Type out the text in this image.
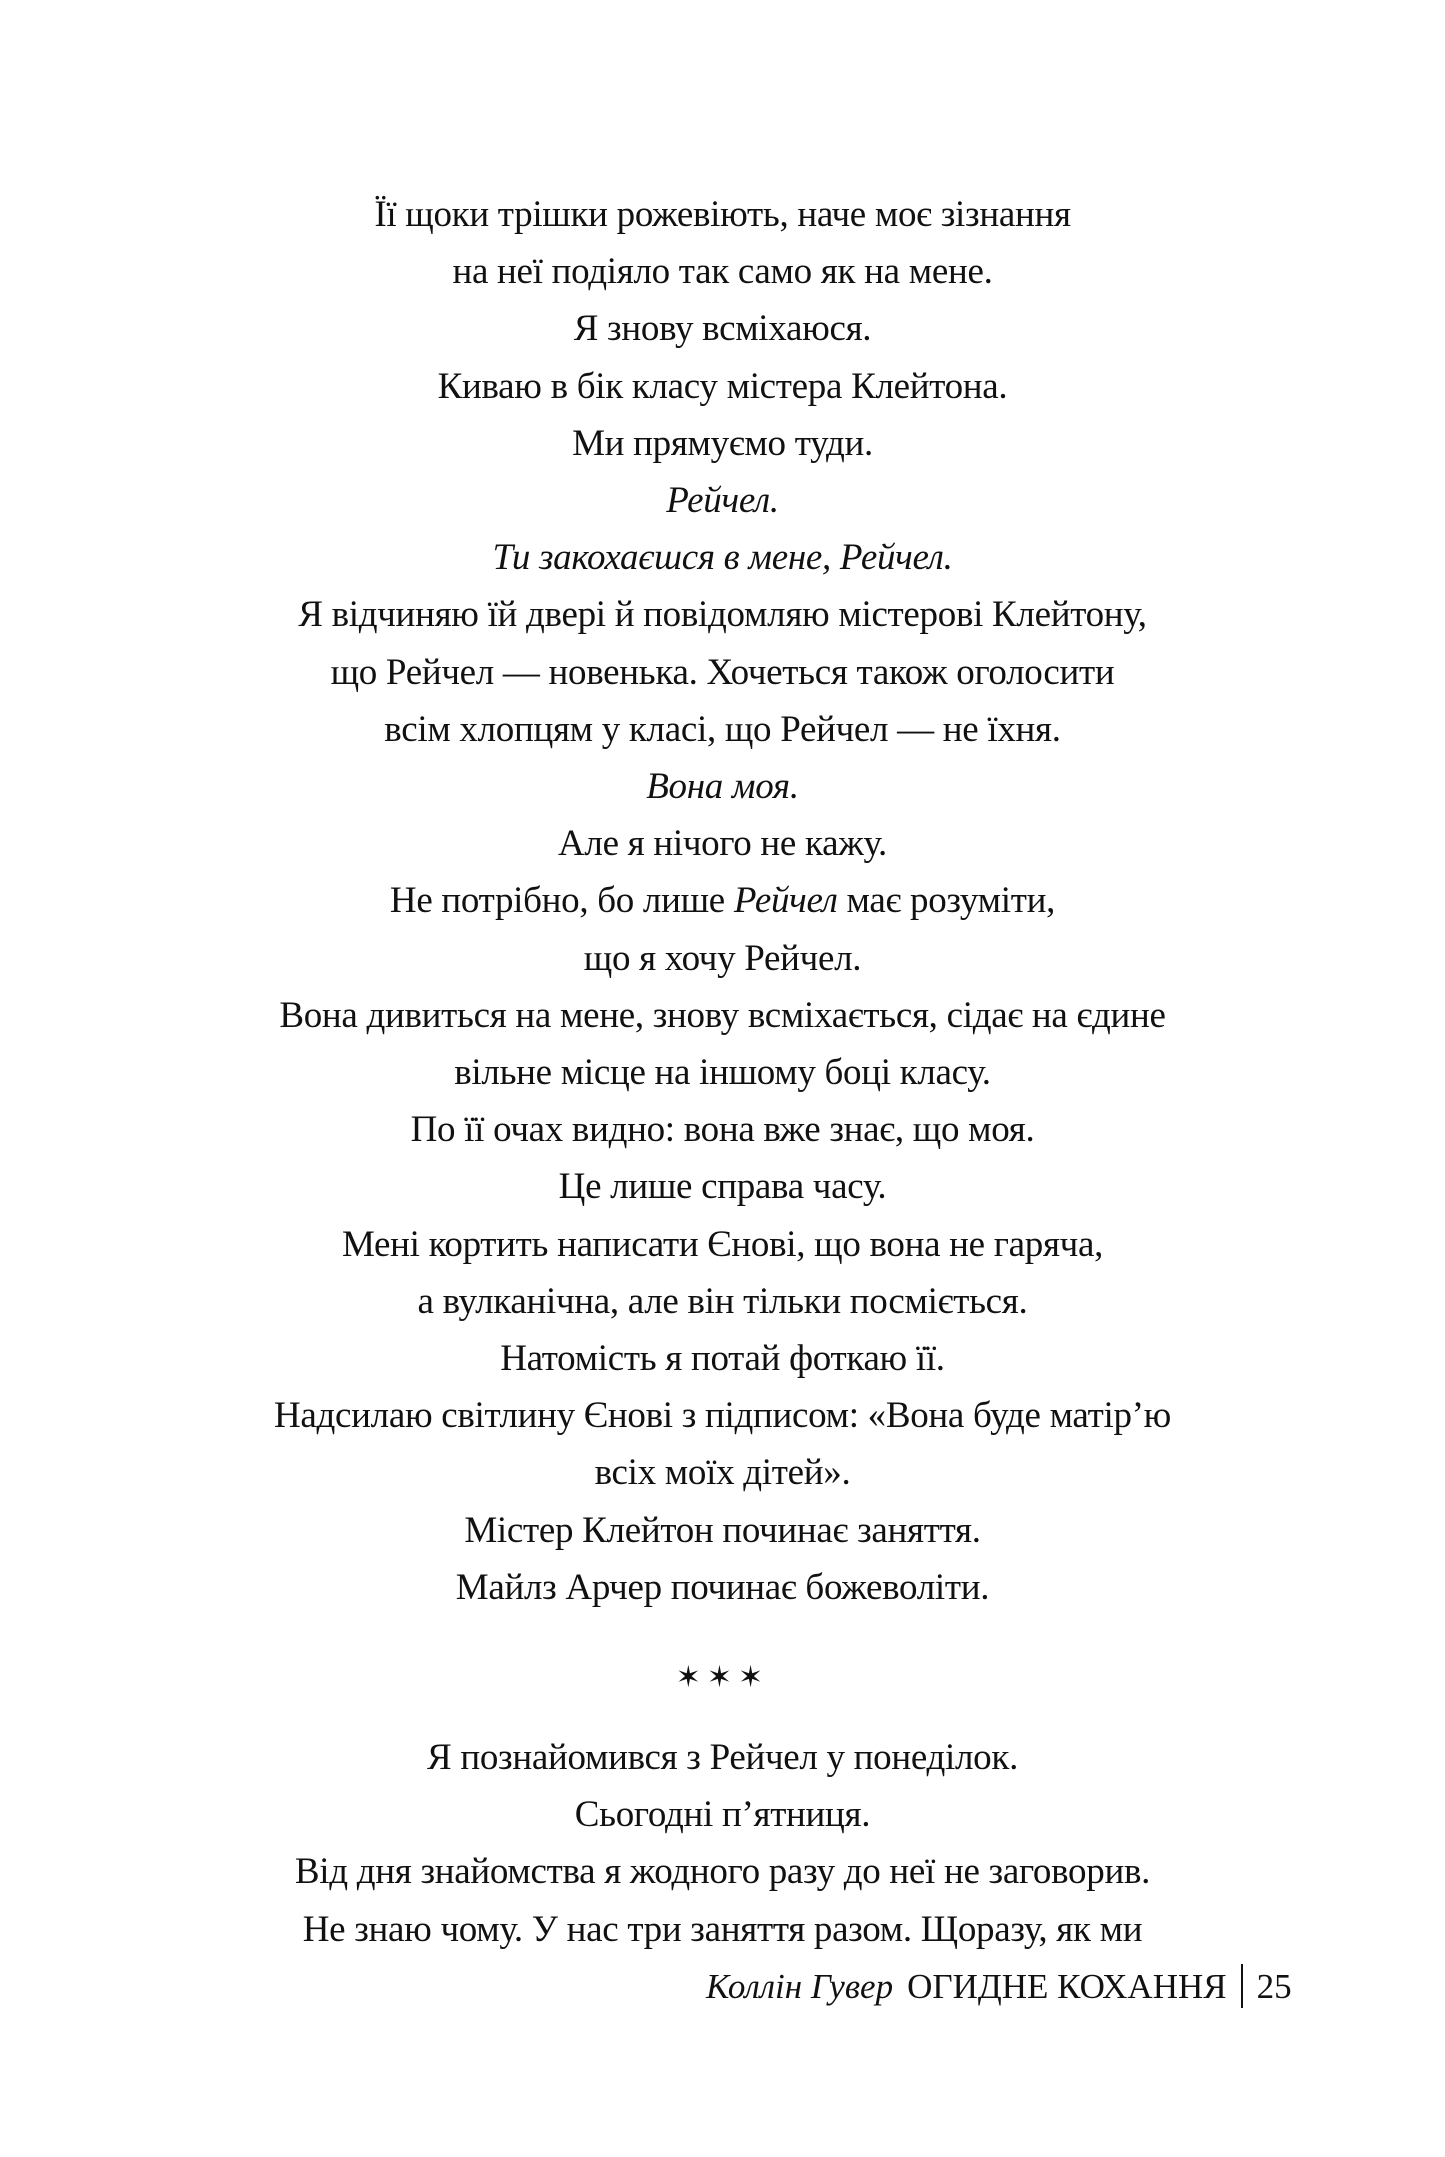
Її щоки трішки рожевіють, наче моє зізнання
на неї подіяло так само як на мене.
Я знову всміхаюся.
Киваю в бік класу містера Клейтона.
Ми прямуємо туди.
Рейчел.
Ти закохаєшся в мене, Рейчел.
Я відчиняю їй двері й повідомляю містерові Клейтону,
що Рейчел — новенька. Хочеться також оголосити
всім хлопцям у класі, що Рейчел — не їхня.
Вона моя.
Але я нічого не кажу.
Не потрібно, бо лише Рейчел має розуміти,
що я хочу Рейчел.
Вона дивиться на мене, знову всміхається, сідає на єдине
вільне місце на іншому боці класу.
По її очах видно: вона вже знає, що моя.
Це лише справа часу.
Мені кортить написати Єнові, що вона не гаряча,
а вулканічна, але він тільки посміється.
Натомість я потай фоткаю її.
Надсилаю світлину Єнові з підписом: «Вона буде матір’ю
всіх моїх дітей».
Містер Клейтон починає заняття.
Майлз Арчер починає божеволіти.
✶✶✶
Я познайомився з Рейчел у понеділок.
Сьогодні п’ятниця.
Від дня знайомства я жодного разу до неї не заговорив.
Не знаю чому. У нас три заняття разом. Щоразу, як ми
Коллін Гувер ОГИДНЕ КОХАННЯ 25
